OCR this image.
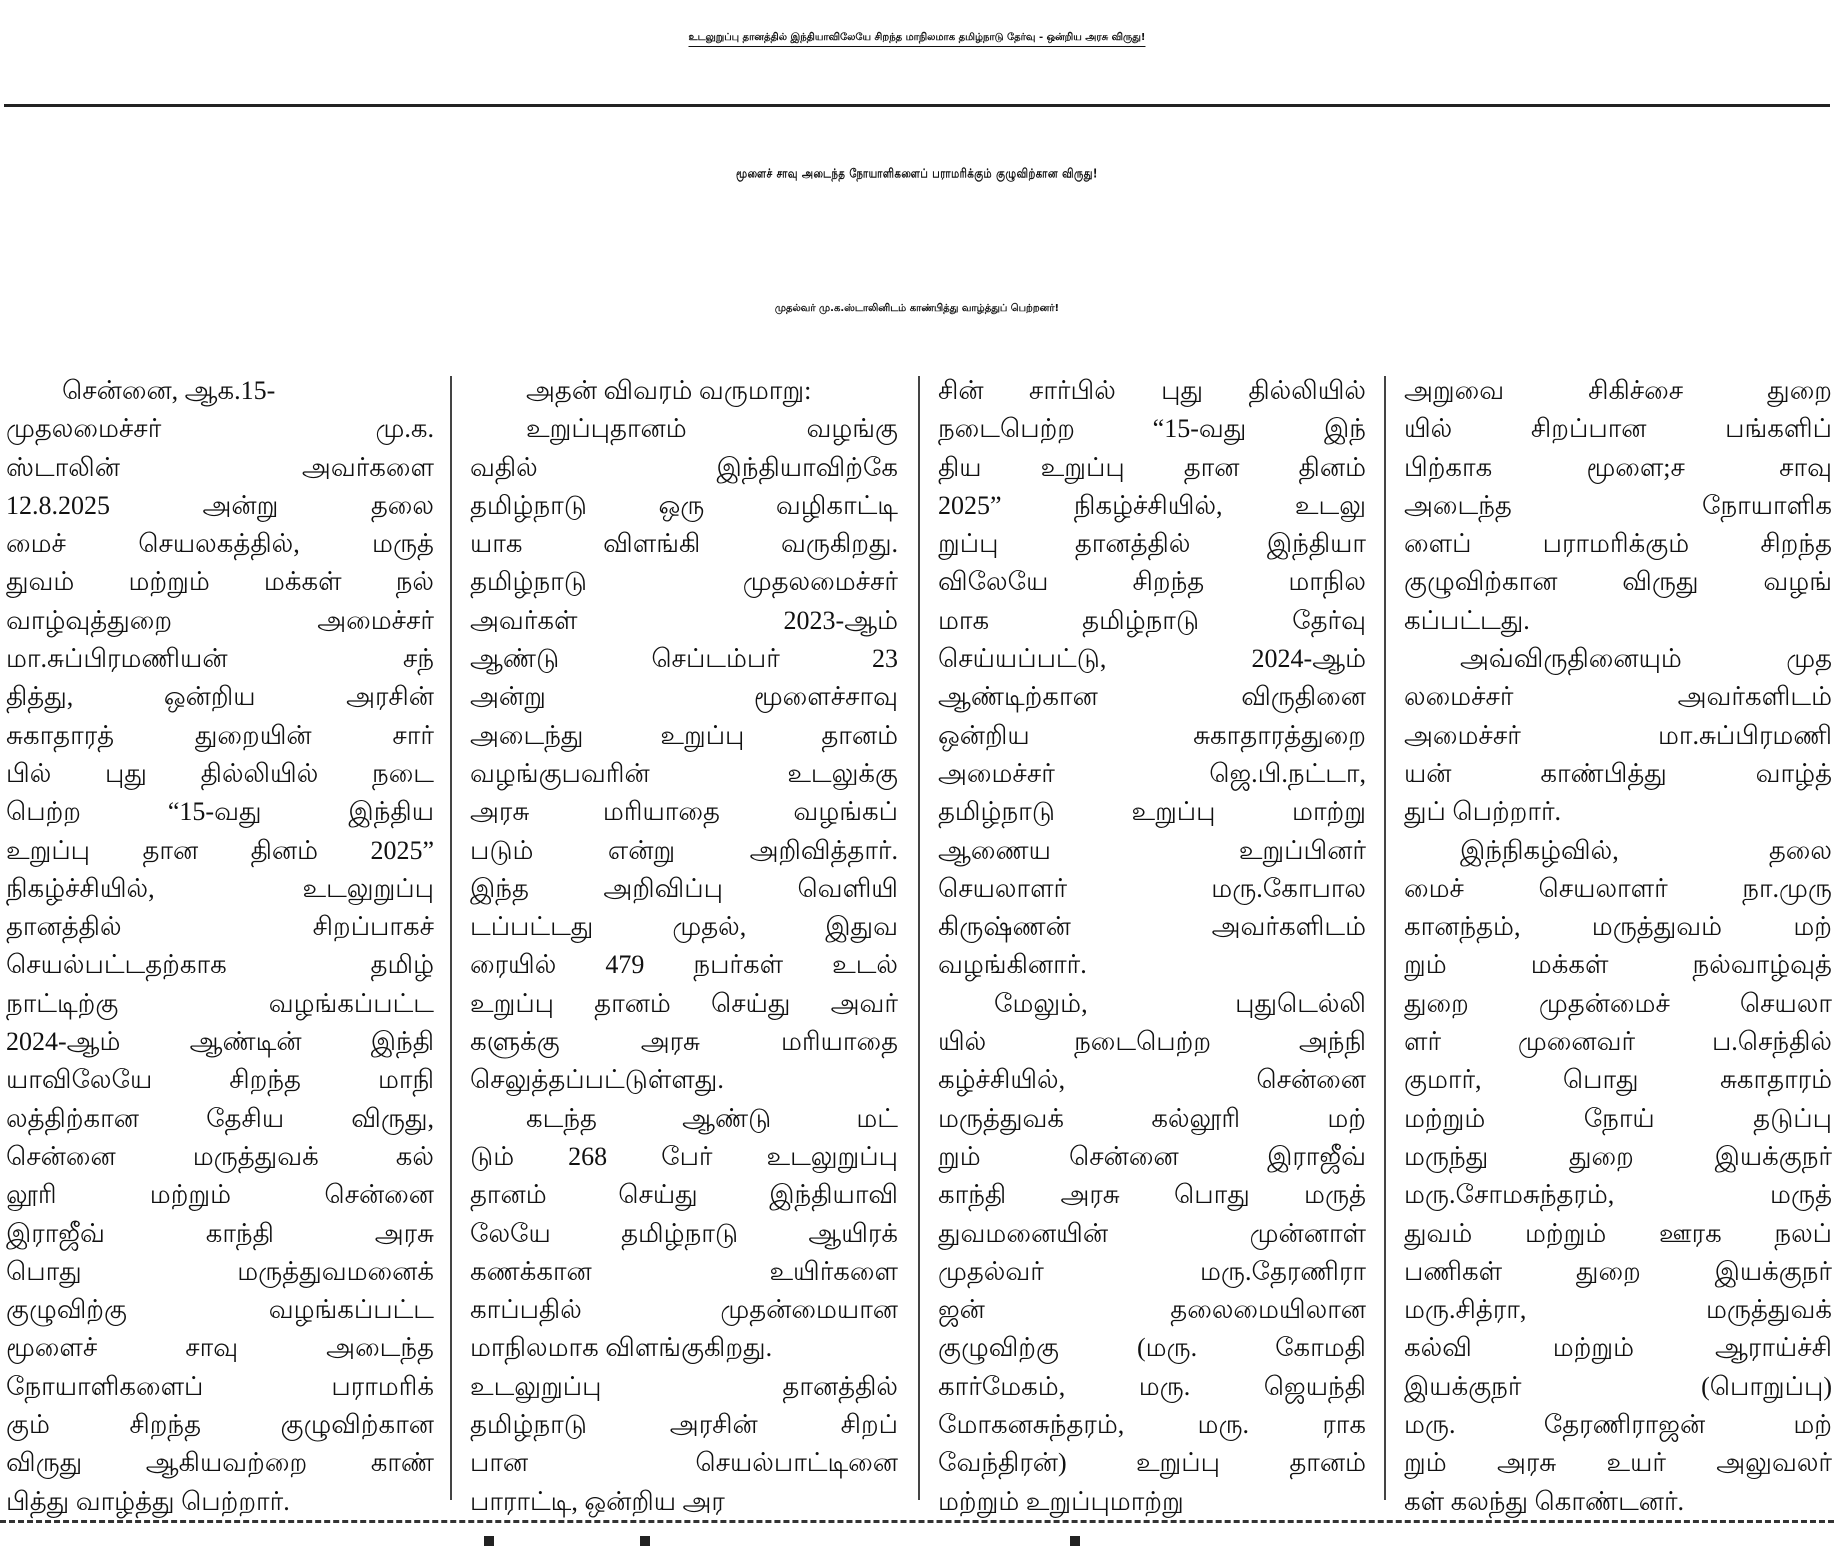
உடலுறுப்பு தானத்தில் இந்தியாவிலேயே சிறந்த மாநிலமாக தமிழ்நாடு தேர்வு - ஒன்றிய அரசு விருது!
மூளைச் சாவு அடைந்த நோயாளிகளைப் பராமரிக்கும் குழுவிற்கான விருது!
முதல்வர் மு.க.ஸ்டாலினிடம் காண்பித்து வாழ்த்துப் பெற்றனர்!
சென்னை, ஆக.15-
முதலமைச்சர் மு.க.
ஸ்டாலின் அவர்களை
12.8.2025 அன்று தலை
மைச் செயலகத்தில், மருத்
துவம் மற்றும் மக்கள் நல்
வாழ்வுத்துறை அமைச்சர்
மா.சுப்பிரமணியன் சந்
தித்து, ஒன்றிய அரசின்
சுகாதாரத் துறையின் சார்
பில் புது தில்லியில் நடை
பெற்ற “15-வது இந்திய
உறுப்பு தான தினம் 2025”
நிகழ்ச்சியில், உடலுறுப்பு
தானத்தில் சிறப்பாகச்
செயல்பட்டதற்காக தமிழ்
நாட்டிற்கு வழங்கப்பட்ட
2024-ஆம் ஆண்டின் இந்தி
யாவிலேயே சிறந்த மாநி
லத்திற்கான தேசிய விருது,
சென்னை மருத்துவக் கல்
லூரி மற்றும் சென்னை
இராஜீவ் காந்தி அரசு
பொது மருத்துவமனைக்
குழுவிற்கு வழங்கப்பட்ட
மூளைச் சாவு அடைந்த
நோயாளிகளைப் பராமரிக்
கும் சிறந்த குழுவிற்கான
விருது ஆகியவற்றை காண்
பித்து வாழ்த்து பெற்றார்.
அதன் விவரம் வருமாறு:
உறுப்புதானம் வழங்கு
வதில் இந்தியாவிற்கே
தமிழ்நாடு ஒரு வழிகாட்டி
யாக விளங்கி வருகிறது.
தமிழ்நாடு முதலமைச்சர்
அவர்கள் 2023-ஆம்
ஆண்டு செப்டம்பர் 23
அன்று மூளைச்சாவு
அடைந்து உறுப்பு தானம்
வழங்குபவரின் உடலுக்கு
அரசு மரியாதை வழங்கப்
படும் என்று அறிவித்தார்.
இந்த அறிவிப்பு வெளியி
டப்பட்டது முதல், இதுவ
ரையில் 479 நபர்கள் உடல்
உறுப்பு தானம் செய்து அவர்
களுக்கு அரசு மரியாதை
செலுத்தப்பட்டுள்ளது.
கடந்த ஆண்டு மட்
டும் 268 பேர் உடலுறுப்பு
தானம் செய்து இந்தியாவி
லேயே தமிழ்நாடு ஆயிரக்
கணக்கான உயிர்களை
காப்பதில் முதன்மையான
மாநிலமாக விளங்குகிறது.
உடலுறுப்பு தானத்தில்
தமிழ்நாடு அரசின் சிறப்
பான செயல்பாட்டினை
பாராட்டி, ஒன்றிய அர
சின் சார்பில் புது தில்லியில்
நடைபெற்ற “15-வது இந்
திய உறுப்பு தான தினம்
2025” நிகழ்ச்சியில், உடலு
றுப்பு தானத்தில் இந்தியா
விலேயே சிறந்த மாநில
மாக தமிழ்நாடு தேர்வு
செய்யப்பட்டு, 2024-ஆம்
ஆண்டிற்கான விருதினை
ஒன்றிய சுகாதாரத்துறை
அமைச்சர் ஜெ.பி.நட்டா,
தமிழ்நாடு உறுப்பு மாற்று
ஆணைய உறுப்பினர்
செயலாளர் மரு.கோபால
கிருஷ்ணன் அவர்களிடம்
வழங்கினார்.
மேலும், புதுடெல்லி
யில் நடைபெற்ற அந்நி
கழ்ச்சியில், சென்னை
மருத்துவக் கல்லூரி மற்
றும் சென்னை இராஜீவ்
காந்தி அரசு பொது மருத்
துவமனையின் முன்னாள்
முதல்வர் மரு.தேரணிரா
ஜன் தலைமையிலான
குழுவிற்கு (மரு. கோமதி
கார்மேகம், மரு. ஜெயந்தி
மோகனசுந்தரம், மரு. ராக
வேந்திரன்) உறுப்பு தானம்
மற்றும் உறுப்புமாற்று
அறுவை சிகிச்சை துறை
யில் சிறப்பான பங்களிப்
பிற்காக மூளை;ச சாவு
அடைந்த நோயாளிக
ளைப் பராமரிக்கும் சிறந்த
குழுவிற்கான விருது வழங்
கப்பட்டது.
அவ்விருதினையும் முத
லமைச்சர் அவர்களிடம்
அமைச்சர் மா.சுப்பிரமணி
யன் காண்பித்து வாழ்த்
துப் பெற்றார்.
இந்நிகழ்வில், தலை
மைச் செயலாளர் நா.முரு
கானந்தம், மருத்துவம் மற்
றும் மக்கள் நல்வாழ்வுத்
துறை முதன்மைச் செயலா
ளர் முனைவர் ப.செந்தில்
குமார், பொது சுகாதாரம்
மற்றும் நோய் தடுப்பு
மருந்து துறை இயக்குநர்
மரு.சோமசுந்தரம், மருத்
துவம் மற்றும் ஊரக நலப்
பணிகள் துறை இயக்குநர்
மரு.சித்ரா, மருத்துவக்
கல்வி மற்றும் ஆராய்ச்சி
இயக்குநர் (பொறுப்பு)
மரு. தேரணிராஜன் மற்
றும் அரசு உயர் அலுவலர்
கள் கலந்து கொண்டனர்.
